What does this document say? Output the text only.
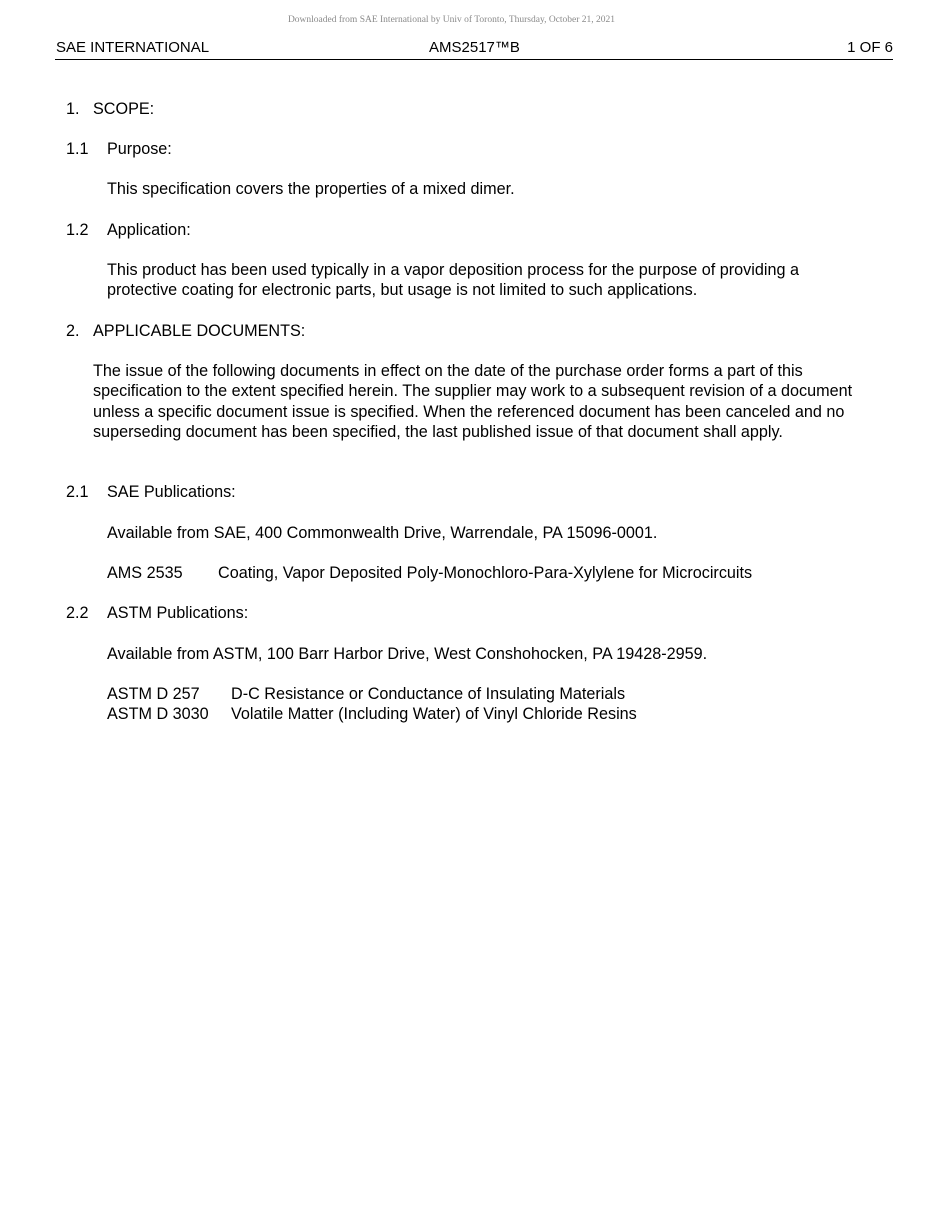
Downloaded from SAE International by Univ of Toronto, Thursday, October 21, 2021
SAE INTERNATIONAL	AMS2517™B	1 OF 6
1. SCOPE:
1.1 Purpose:
This specification covers the properties of a mixed dimer.
1.2 Application:
This product has been used typically in a vapor deposition process for the purpose of providing a protective coating for electronic parts, but usage is not limited to such applications.
2. APPLICABLE DOCUMENTS:
The issue of the following documents in effect on the date of the purchase order forms a part of this specification to the extent specified herein. The supplier may work to a subsequent revision of a document unless a specific document issue is specified. When the referenced document has been canceled and no superseding document has been specified, the last published issue of that document shall apply.
2.1 SAE Publications:
Available from SAE, 400 Commonwealth Drive, Warrendale, PA 15096-0001.
AMS 2535 Coating, Vapor Deposited Poly-Monochloro-Para-Xylylene for Microcircuits
2.2 ASTM Publications:
Available from ASTM, 100 Barr Harbor Drive, West Conshohocken, PA 19428-2959.
ASTM D 257 D-C Resistance or Conductance of Insulating Materials
ASTM D 3030 Volatile Matter (Including Water) of Vinyl Chloride Resins
